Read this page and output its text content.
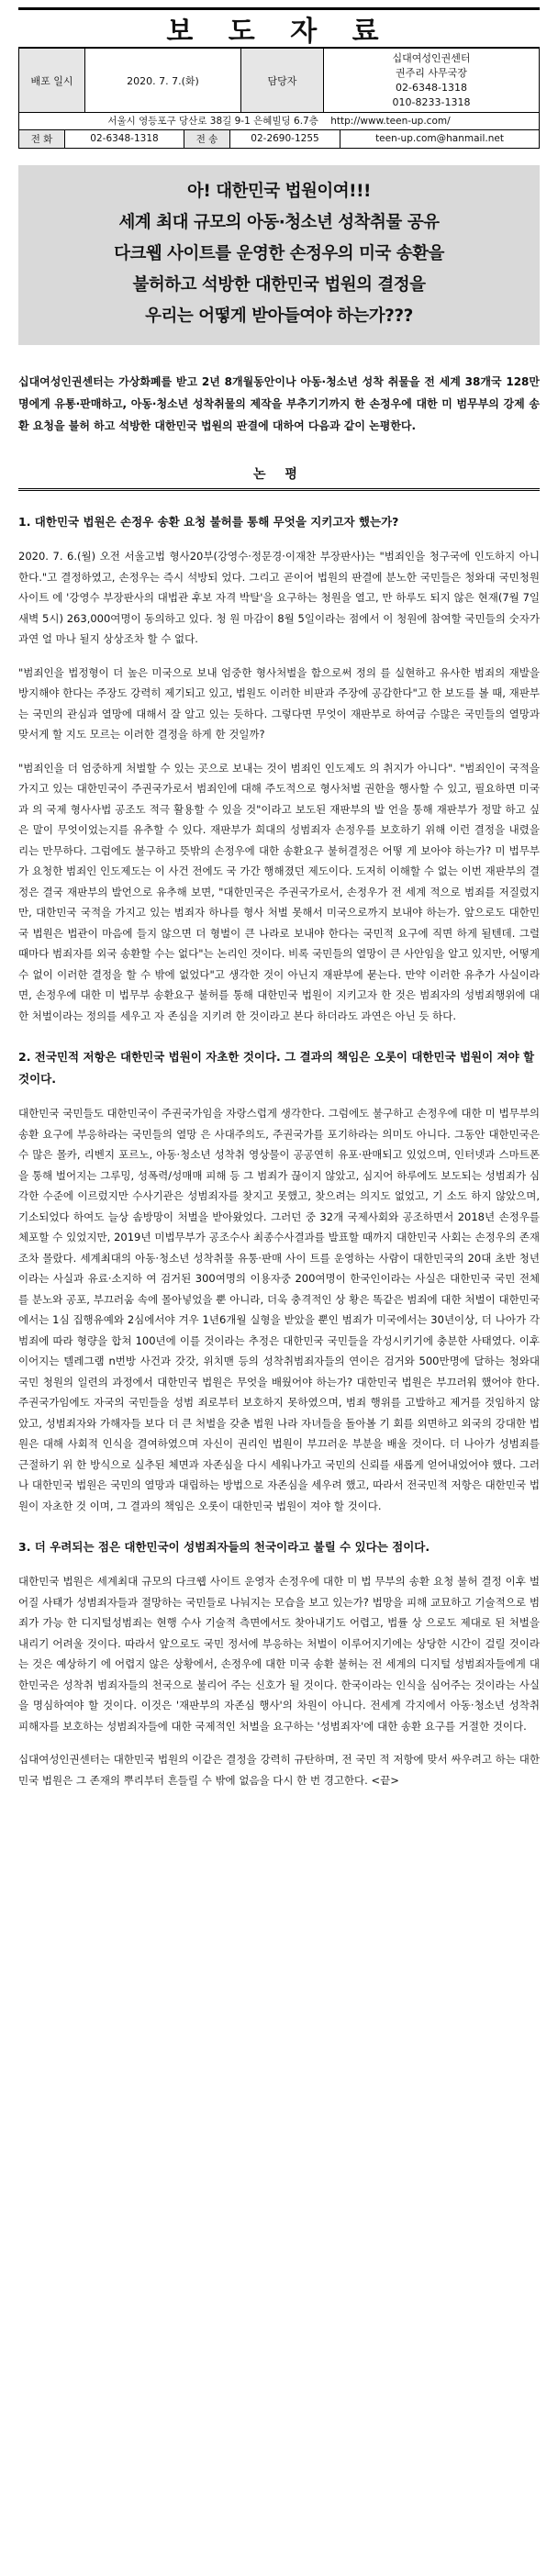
보 도 자 료
배포 일시	2020. 7. 7.(화)	담당자	
십대여성인권센터
권주리 사무국장
02-6348-1318
010-8233-1318
서울시 영등포구 당산로 38길 9-1 은혜빌딩 6.7층 http://www.teen-up.com/
전 화	02-6348-1318	전 송	02-2690-1255	teen-up.com@hanmail.net
아! 대한민국 법원이여!!!
세계 최대 규모의 아동·청소년 성착취물 공유
다크웹 사이트를 운영한 손정우의 미국 송환을
불허하고 석방한 대한민국 법원의 결정을
우리는 어떻게 받아들여야 하는가???
십대여성인권센터는 가상화폐를 받고 2년 8개월동안이나 아동·청소년 성착 취물을 전 세계 38개국 128만명에게 유통·판매하고, 아동·청소년 성착취물의 제작을 부추기기까지 한 손정우에 대한 미 범무부의 강제 송환 요청을 불허 하고 석방한 대한민국 법원의 판결에 대하여 다음과 같이 논평한다.
논 평
1. 대한민국 법원은 손정우 송환 요청 불허를 통해 무엇을 지키고자 했는가?
2020. 7. 6.(월) 오전 서울고법 형사20부(강영수·정문경·이재찬 부장판사)는 "범죄인을 청구국에 인도하지 아니한다."고 결정하였고, 손정우는 즉시 석방되 었다. 그리고 곧이어 법원의 판결에 분노한 국민들은 청와대 국민청원 사이트 에 '강영수 부장판사의 대법관 후보 자격 박탈'을 요구하는 청원을 열고, 만 하루도 되지 않은 현재(7월 7일 새벽 5시) 263,000여명이 동의하고 있다. 청 원 마감이 8월 5일이라는 점에서 이 청원에 참여할 국민들의 숫자가 과연 얼 마나 될지 상상조차 할 수 없다.
"범죄인을 법정형이 더 높은 미국으로 보내 엄중한 형사처벌을 함으로써 정의 를 실현하고 유사한 범죄의 재발을 방지해야 한다는 주장도 강력히 제기되고 있고, 법원도 이러한 비판과 주장에 공감한다"고 한 보도를 볼 때, 재판부는 국민의 관심과 열망에 대해서 잘 알고 있는 듯하다. 그렇다면 무엇이 재판부로 하여금 수많은 국민들의 열망과 맞서게 할 지도 모르는 이러한 결정을 하게 한 것일까?
"범죄인을 더 엄중하게 처벌할 수 있는 곳으로 보내는 것이 범죄인 인도제도 의 취지가 아니다". "범죄인이 국적을 가지고 있는 대한민국이 주권국가로서 범죄인에 대해 주도적으로 형사처벌 권한을 행사할 수 있고, 필요하면 미국과 의 국제 형사사법 공조도 적극 활용할 수 있을 것"이라고 보도된 재판부의 발 언을 통해 재판부가 정말 하고 싶은 말이 무엇이었는지를 유추할 수 있다. 재판부가 희대의 성범죄자 손정우를 보호하기 위해 이런 결정을 내렸을 리는 만무하다. 그럼에도 불구하고 뜻밖의 손정우에 대한 송환요구 불허결정은 어떻 게 보아야 하는가? 미 법무부가 요청한 범죄인 인도제도는 이 사건 전에도 국 가간 행해졌던 제도이다. 도저히 이해할 수 없는 이번 재판부의 결정은 결국 재판부의 발언으로 유추해 보면, "대한민국은 주권국가로서, 손정우가 전 세계 적으로 범죄를 저질렀지만, 대한민국 국적을 가지고 있는 범죄자 하나를 형사 처벌 못해서 미국으로까지 보내야 하는가. 앞으로도 대한민국 법원은 법관이 마음에 들지 않으면 더 형벌이 큰 나라로 보내야 한다는 국민적 요구에 직면 하게 될텐데. 그럴 때마다 범죄자를 외국 송환할 수는 없다"는 논리인 것이다. 비록 국민들의 열망이 큰 사안임을 알고 있지만, 어떻게 수 없이 이러한 결정을 할 수 밖에 없었다"고 생각한 것이 아닌지 재판부에 묻는다. 만약 이러한 유추가 사실이라면, 손정우에 대한 미 법무부 송환요구 불허를 통해 대한민국 법원이 지키고자 한 것은 범죄자의 성범죄행위에 대한 처벌이라는 정의를 세우고 자 존심을 지키려 한 것이라고 본다 하더라도 과연은 아닌 듯 하다.
2. 전국민적 저항은 대한민국 법원이 자초한 것이다. 그 결과의 책임은 오롯이 대한민국 법원이 져야 할 것이다.
대한민국 국민들도 대한민국이 주권국가임을 자랑스럽게 생각한다. 그럼에도 불구하고 손정우에 대한 미 법무부의 송환 요구에 부응하라는 국민들의 열망 은 사대주의도, 주권국가를 포기하라는 의미도 아니다. 그동안 대한민국은 수 많은 몰카, 리벤지 포르노, 아동·청소년 성착취 영상물이 공공연히 유포·판매되고 있었으며, 인터넷과 스마트폰을 통해 벌어지는 그루밍, 성폭력/성매매 피해 등 그 범죄가 끊이지 않았고, 심지어 하루에도 보도되는 성범죄가 심각한 수준에 이르렀지만 수사기관은 성범죄자를 찾지고 못했고, 찾으려는 의지도 없었고, 기 소도 하지 않았으며, 기소되었다 하여도 늘상 솜방망이 처벌을 받아왔었다. 그러던 중 32개 국제사회와 공조하면서 2018년 손정우를 체포할 수 있었지만, 2019년 미법무부가 공조수사 최종수사결과를 발표할 때까지 대한민국 사회는 손정우의 존재조차 몰랐다. 세계최대의 아동·청소년 성착취물 유통·판매 사이 트를 운영하는 사람이 대한민국의 20대 초반 청년이라는 사실과 유료·소지하 여 검거된 300여명의 이용자중 200여명이 한국인이라는 사실은 대한민국 국민 전체를 분노와 공포, 부끄러움 속에 몰아넣었을 뿐 아니라, 더욱 충격적인 상 황은 똑같은 범죄에 대한 처벌이 대한민국에서는 1심 집행유예와 2심에서야 겨우 1년6개월 실형을 받았을 뿐인 범죄가 미국에서는 30년이상, 더 나아가 각 범죄에 따라 형량을 합쳐 100년에 이를 것이라는 추정은 대한민국 국민들을 각성시키기에 충분한 사태였다. 이후 이어지는 텔레그램 n번방 사건과 갓갓, 위치맨 등의 성착취범죄자들의 연이은 검거와 500만명에 달하는 청와대 국민 청원의 일련의 과정에서 대한민국 법원은 무엇을 배웠어야 하는가? 대한민국 법원은 부끄러워 했어야 한다. 주권국가임에도 자국의 국민들을 성범 죄로부터 보호하지 못하였으며, 범죄 행위를 고발하고 제거를 것임하지 않았고, 성범죄자와 가해자들 보다 더 큰 처벌을 갖춘 법원 나라 자녀들을 돌아볼 기 회를 외면하고 외국의 강대한 법원은 대해 사회적 인식을 결여하였으며 자신이 권리인 법원이 부끄러운 부분을 배울 것이다. 더 나아가 성범죄를 근절하기 위 한 방식으로 실추된 체면과 자존심을 다시 세워나가고 국민의 신뢰를 새롭게 얻어내었어야 했다. 그러나 대한민국 법원은 국민의 열망과 대립하는 방법으로 자존심을 세우려 했고, 따라서 전국민적 저항은 대한민국 법원이 자초한 것 이며, 그 결과의 책임은 오롯이 대한민국 법원이 져야 할 것이다.
3. 더 우려되는 점은 대한민국이 성범죄자들의 천국이라고 불릴 수 있다는 점이다.
대한민국 법원은 세계최대 규모의 다크웹 사이트 운영자 손정우에 대한 미 법 무부의 송환 요청 불허 결정 이후 벌어질 사태가 성범죄자들과 절망하는 국민들로 나눠지는 모습을 보고 있는가? 법망을 피해 교묘하고 기술적으로 범죄가 가능 한 디지털성범죄는 현행 수사 기술적 측면에서도 찾아내기도 어렵고, 법률 상 으로도 제대로 된 처벌을 내리기 어려울 것이다. 따라서 앞으로도 국민 정서에 부응하는 처벌이 이루어지기에는 상당한 시간이 걸릴 것이라는 것은 예상하기 에 어렵지 않은 상황에서, 손정우에 대한 미국 송환 불허는 전 세계의 디지털 성범죄자들에게 대한민국은 성착취 범죄자들의 천국으로 불리어 주는 신호가 될 것이다. 한국이라는 인식을 심어주는 것이라는 사실을 명심하여야 할 것이다. 이것은 '재판부의 자존심 행사'의 차원이 아니다. 전세계 각지에서 아동·청소년 성착취 피해자를 보호하는 성범죄자들에 대한 국제적인 처벌을 요구하는 '성범죄자'에 대한 송환 요구를 거절한 것이다.
십대여성인권센터는 대한민국 법원의 이같은 결정을 강력히 규탄하며, 전 국민 적 저항에 맞서 싸우려고 하는 대한민국 법원은 그 존재의 뿌리부터 흔들릴 수 밖에 없음을 다시 한 번 경고한다. <끝>
